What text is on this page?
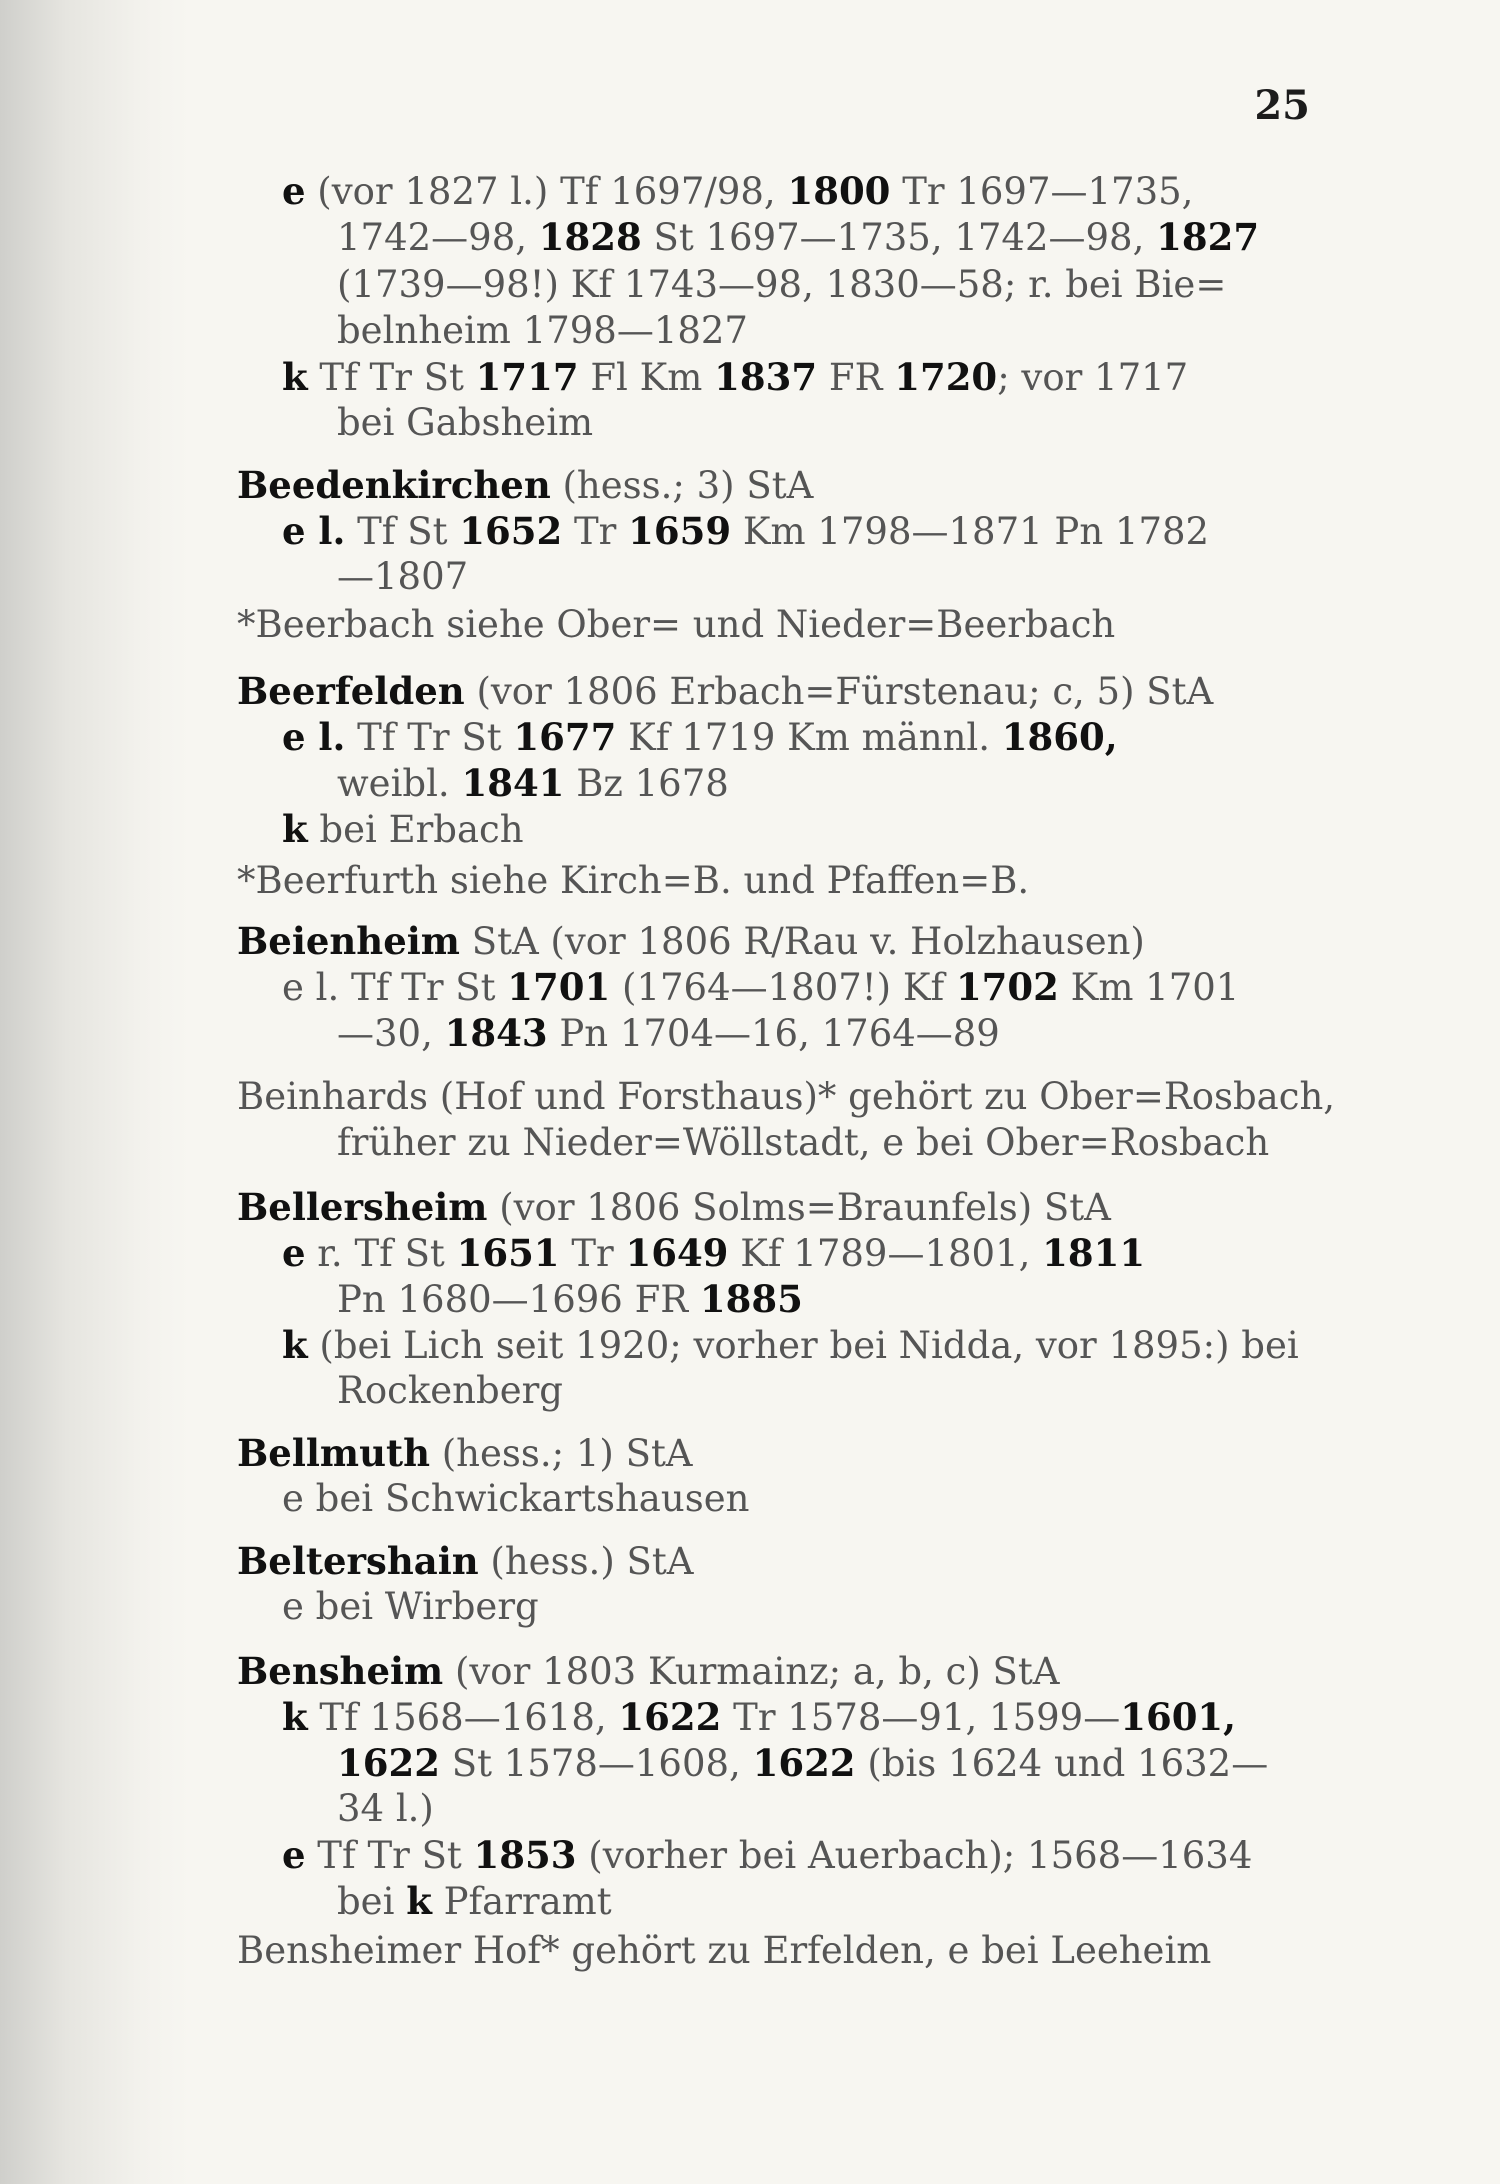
25
e (vor 1827 l.) Tf 1697/98, 1800 Tr 1697—1735,
1742—98, 1828 St 1697—1735, 1742—98, 1827
(1739—98!) Kf 1743—98, 1830—58; r. bei Bie=
belnheim 1798—1827
k Tf Tr St 1717 Fl Km 1837 FR 1720; vor 1717
bei Gabsheim
Beedenkirchen (hess.; 3) StA
e l. Tf St 1652 Tr 1659 Km 1798—1871 Pn 1782
—1807
*Beerbach siehe Ober= und Nieder=Beerbach
Beerfelden (vor 1806 Erbach=Fürstenau; c, 5) StA
e l. Tf Tr St 1677 Kf 1719 Km männl. 1860,
weibl. 1841 Bz 1678
k bei Erbach
*Beerfurth siehe Kirch=B. und Pfaffen=B.
Beienheim StA (vor 1806 R/Rau v. Holzhausen)
e l. Tf Tr St 1701 (1764—1807!) Kf 1702 Km 1701
—30, 1843 Pn 1704—16, 1764—89
Beinhards (Hof und Forsthaus)* gehört zu Ober=Rosbach,
früher zu Nieder=Wöllstadt, e bei Ober=Rosbach
Bellersheim (vor 1806 Solms=Braunfels) StA
e r. Tf St 1651 Tr 1649 Kf 1789—1801, 1811
Pn 1680—1696 FR 1885
k (bei Lich seit 1920; vorher bei Nidda, vor 1895:) bei
Rockenberg
Bellmuth (hess.; 1) StA
e bei Schwickartshausen
Beltershain (hess.) StA
e bei Wirberg
Bensheim (vor 1803 Kurmainz; a, b, c) StA
k Tf 1568—1618, 1622 Tr 1578—91, 1599—1601,
1622 St 1578—1608, 1622 (bis 1624 und 1632—
34 l.)
e Tf Tr St 1853 (vorher bei Auerbach); 1568—1634
bei k Pfarramt
Bensheimer Hof* gehört zu Erfelden, e bei Leeheim
